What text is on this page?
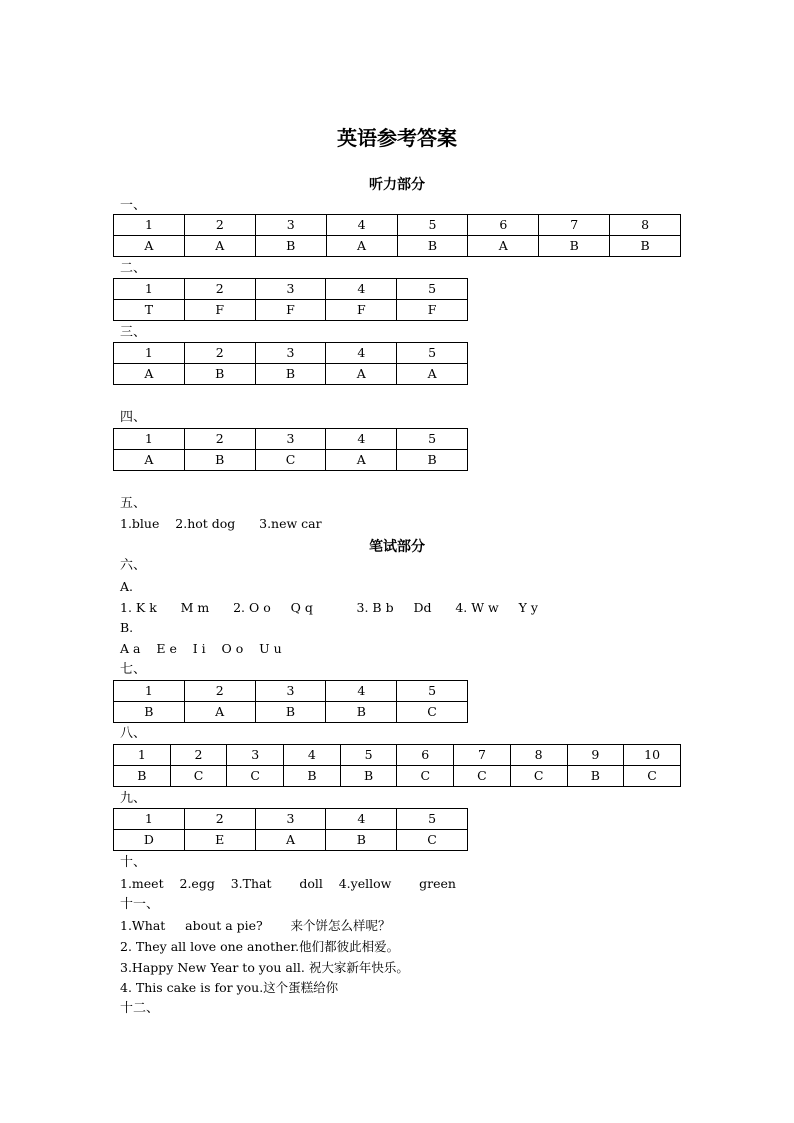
英语参考答案
听力部分
一、
1	2	3	4	5	6	7	8
A	A	B	A	B	A	B	B
二、
1	2	3	4	5
T	F	F	F	F
三、
1	2	3	4	5
A	B	B	A	A
四、
1	2	3	4	5
A	B	C	A	B
五、
1.blue    2.hot dog      3.new car
笔试部分
六、
A.
1. K k      M m      2. O o     Q q           3. B b     Dd      4. W w     Y y
B.
A a    E e    I i    O o    U u
七、
1	2	3	4	5
B	A	B	B	C
八、
1	2	3	4	5	6	7	8	9	10
B	C	C	B	B	C	C	C	B	C
九、
1	2	3	4	5
D	E	A	B	C
十、
1.meet    2.egg    3.That       doll    4.yellow       green
十一、
1.What     about a pie?       来个饼怎么样呢？
2. They all love one another.他们都彼此相爱。
3.Happy New Year to you all. 祝大家新年快乐。
4. This cake is for you.这个蛋糕给你
十二、
